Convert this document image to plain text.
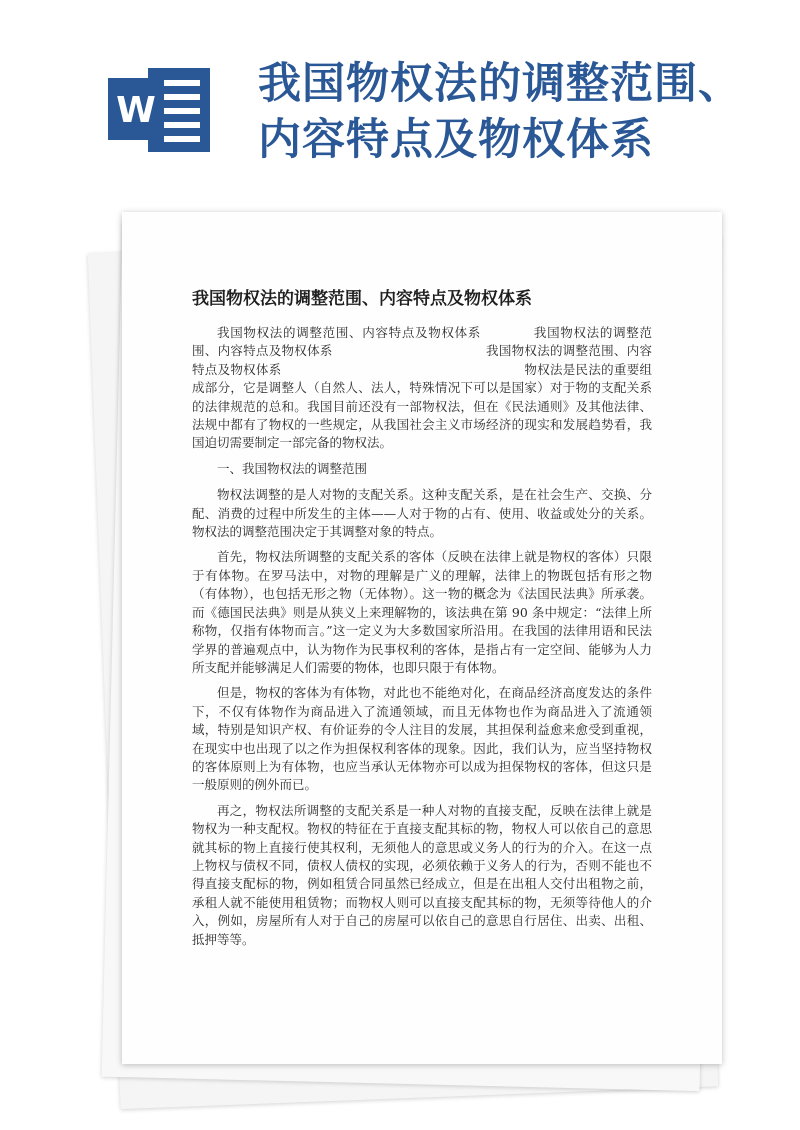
W
我国物权法的调整范围、内容特点及物权体系
我国物权法的调整范围、内容特点及物权体系

我国物权法的调整范围、内容特点及物权体系　　　　我国物权法的调整范围、内容特点及物权体系　　　　　　　　　　　　我国物权法的调整范围、内容特点及物权体系　　　　　　　　　　　　　　　　　　　物权法是民法的重要组成部分，它是调整人（自然人、法人，特殊情况下可以是国家）对于物的支配关系的法律规范的总和。我国目前还没有一部物权法，但在《民法通则》及其他法律、法规中都有了物权的一些规定，从我国社会主义市场经济的现实和发展趋势看，我国迫切需要制定一部完备的物权法。

一、我国物权法的调整范围

物权法调整的是人对物的支配关系。这种支配关系，是在社会生产、交换、分配、消费的过程中所发生的主体——人对于物的占有、使用、收益或处分的关系。物权法的调整范围决定于其调整对象的特点。

首先，物权法所调整的支配关系的客体（反映在法律上就是物权的客体）只限于有体物。在罗马法中，对物的理解是广义的理解，法律上的物既包括有形之物（有体物），也包括无形之物（无体物）。这一物的概念为《法国民法典》所承袭。而《德国民法典》则是从狭义上来理解物的，该法典在第 90 条中规定：“法律上所称物，仅指有体物而言。”这一定义为大多数国家所沿用。在我国的法律用语和民法学界的普遍观点中，认为物作为民事权利的客体，是指占有一定空间、能够为人力所支配并能够满足人们需要的物体，也即只限于有体物。

但是，物权的客体为有体物，对此也不能绝对化，在商品经济高度发达的条件下，不仅有体物作为商品进入了流通领域，而且无体物也作为商品进入了流通领域，特别是知识产权、有价证券的令人注目的发展，其担保利益愈来愈受到重视，在现实中也出现了以之作为担保权利客体的现象。因此，我们认为，应当坚持物权的客体原则上为有体物，也应当承认无体物亦可以成为担保物权的客体，但这只是一般原则的例外而已。

再之，物权法所调整的支配关系是一种人对物的直接支配，反映在法律上就是物权为一种支配权。物权的特征在于直接支配其标的物，物权人可以依自己的意思就其标的物上直接行使其权利，无须他人的意思或义务人的行为的介入。在这一点上物权与债权不同，债权人债权的实现，必须依赖于义务人的行为，否则不能也不得直接支配标的物，例如租赁合同虽然已经成立，但是在出租人交付出租物之前，承租人就不能使用租赁物；而物权人则可以直接支配其标的物，无须等待他人的介入，例如，房屋所有人对于自己的房屋可以依自己的意思自行居住、出卖、出租、抵押等等。
